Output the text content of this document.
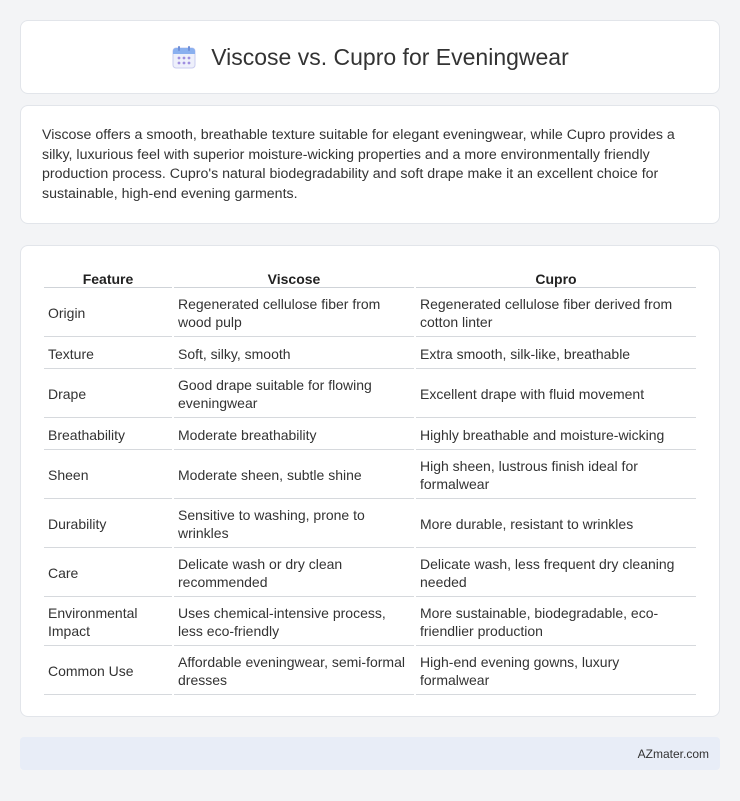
Viscose vs. Cupro for Eveningwear

Viscose offers a smooth, breathable texture suitable for elegant eveningwear, while Cupro provides a silky, luxurious feel with superior moisture-wicking properties and a more environmentally friendly production process. Cupro's natural biodegradability and soft drape make it an excellent choice for sustainable, high-end evening garments.

Feature	Viscose	Cupro
Origin	Regenerated cellulose fiber from wood pulp	Regenerated cellulose fiber derived from cotton linter
Texture	Soft, silky, smooth	Extra smooth, silk-like, breathable
Drape	Good drape suitable for flowing eveningwear	Excellent drape with fluid movement
Breathability	Moderate breathability	Highly breathable and moisture-wicking
Sheen	Moderate sheen, subtle shine	High sheen, lustrous finish ideal for formalwear
Durability	Sensitive to washing, prone to wrinkles	More durable, resistant to wrinkles
Care	Delicate wash or dry clean recommended	Delicate wash, less frequent dry cleaning needed
Environmental Impact	Uses chemical-intensive process, less eco-friendly	More sustainable, biodegradable, eco-friendlier production
Common Use	Affordable eveningwear, semi-formal dresses	High-end evening gowns, luxury formalwear
AZmater.com
